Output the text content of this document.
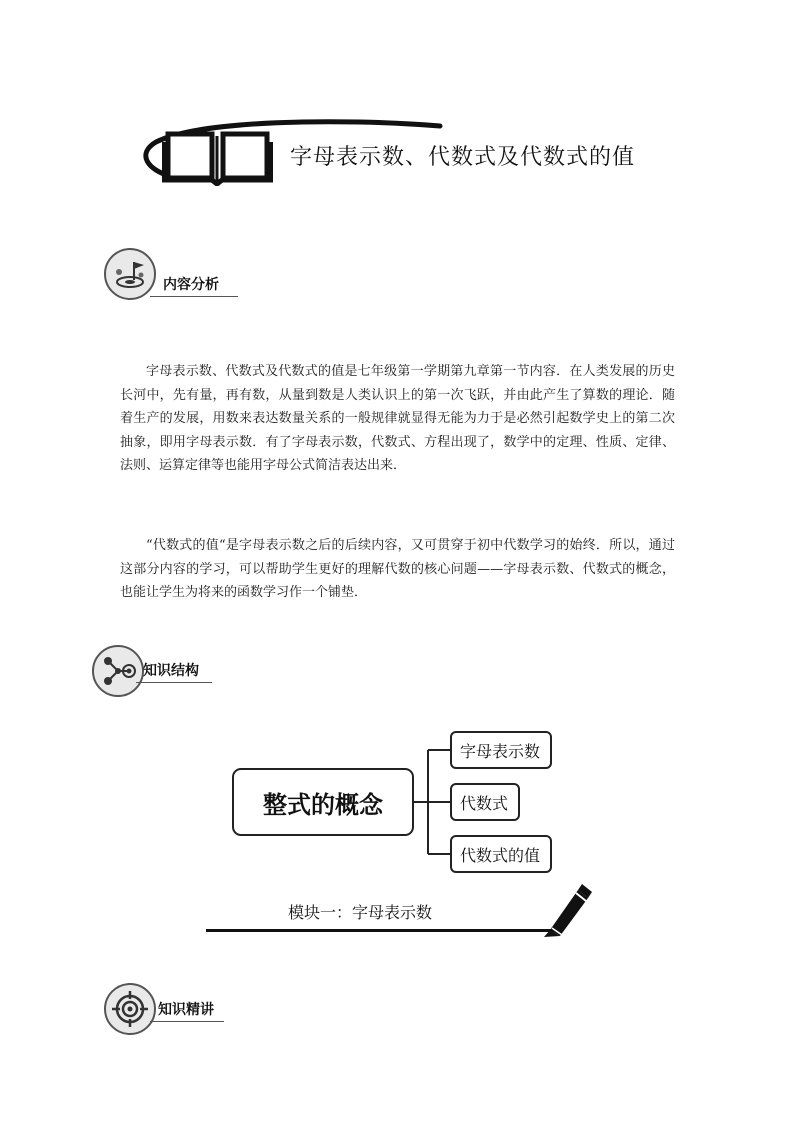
字母表示数、代数式及代数式的值
内容分析
字母表示数、代数式及代数式的值是七年级第一学期第九章第一节内容．在人类发展的历史长河中，先有量，再有数，从量到数是人类认识上的第一次飞跃，并由此产生了算数的理论．随着生产的发展，用数来表达数量关系的一般规律就显得无能为力于是必然引起数学史上的第二次抽象，即用字母表示数．有了字母表示数，代数式、方程出现了，数学中的定理、性质、定律、法则、运算定律等也能用字母公式简洁表达出来．
“代数式的值“是字母表示数之后的后续内容，又可贯穿于初中代数学习的始终．所以，通过这部分内容的学习，可以帮助学生更好的理解代数的核心问题——字母表示数、代数式的概念，也能让学生为将来的函数学习作一个铺垫．
知识结构
整式的概念
字母表示数
代数式
代数式的值
模块一：字母表示数
知识精讲
